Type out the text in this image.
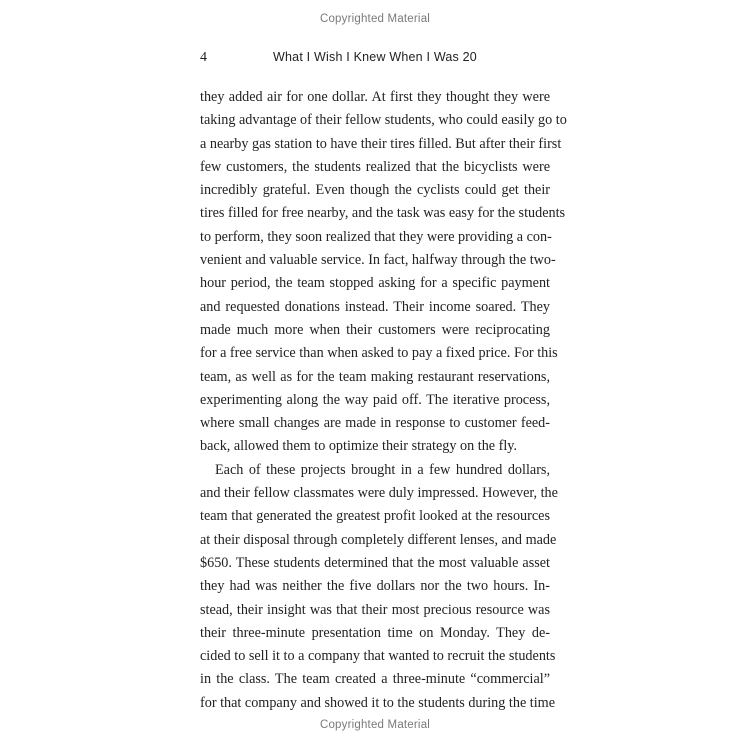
Copyrighted Material
4	What I Wish I Knew When I Was 20

they added air for one dollar. At first they thought they were
taking advantage of their fellow students, who could easily go to
a nearby gas station to have their tires filled. But after their first
few customers, the students realized that the bicyclists were
incredibly grateful. Even though the cyclists could get their
tires filled for free nearby, and the task was easy for the students
to perform, they soon realized that they were providing a con-
venient and valuable service. In fact, halfway through the two-
hour period, the team stopped asking for a specific payment
and requested donations instead. Their income soared. They
made much more when their customers were reciprocating
for a free service than when asked to pay a fixed price. For this
team, as well as for the team making restaurant reservations,
experimenting along the way paid off. The iterative process,
where small changes are made in response to customer feed-
back, allowed them to optimize their strategy on the fly.

Each of these projects brought in a few hundred dollars,
and their fellow classmates were duly impressed. However, the
team that generated the greatest profit looked at the resources
at their disposal through completely different lenses, and made
$650. These students determined that the most valuable asset
they had was neither the five dollars nor the two hours. In-
stead, their insight was that their most precious resource was
their three-minute presentation time on Monday. They de-
cided to sell it to a company that wanted to recruit the students
in the class. The team created a three-minute “commercial”
for that company and showed it to the students during the time

Copyrighted Material
